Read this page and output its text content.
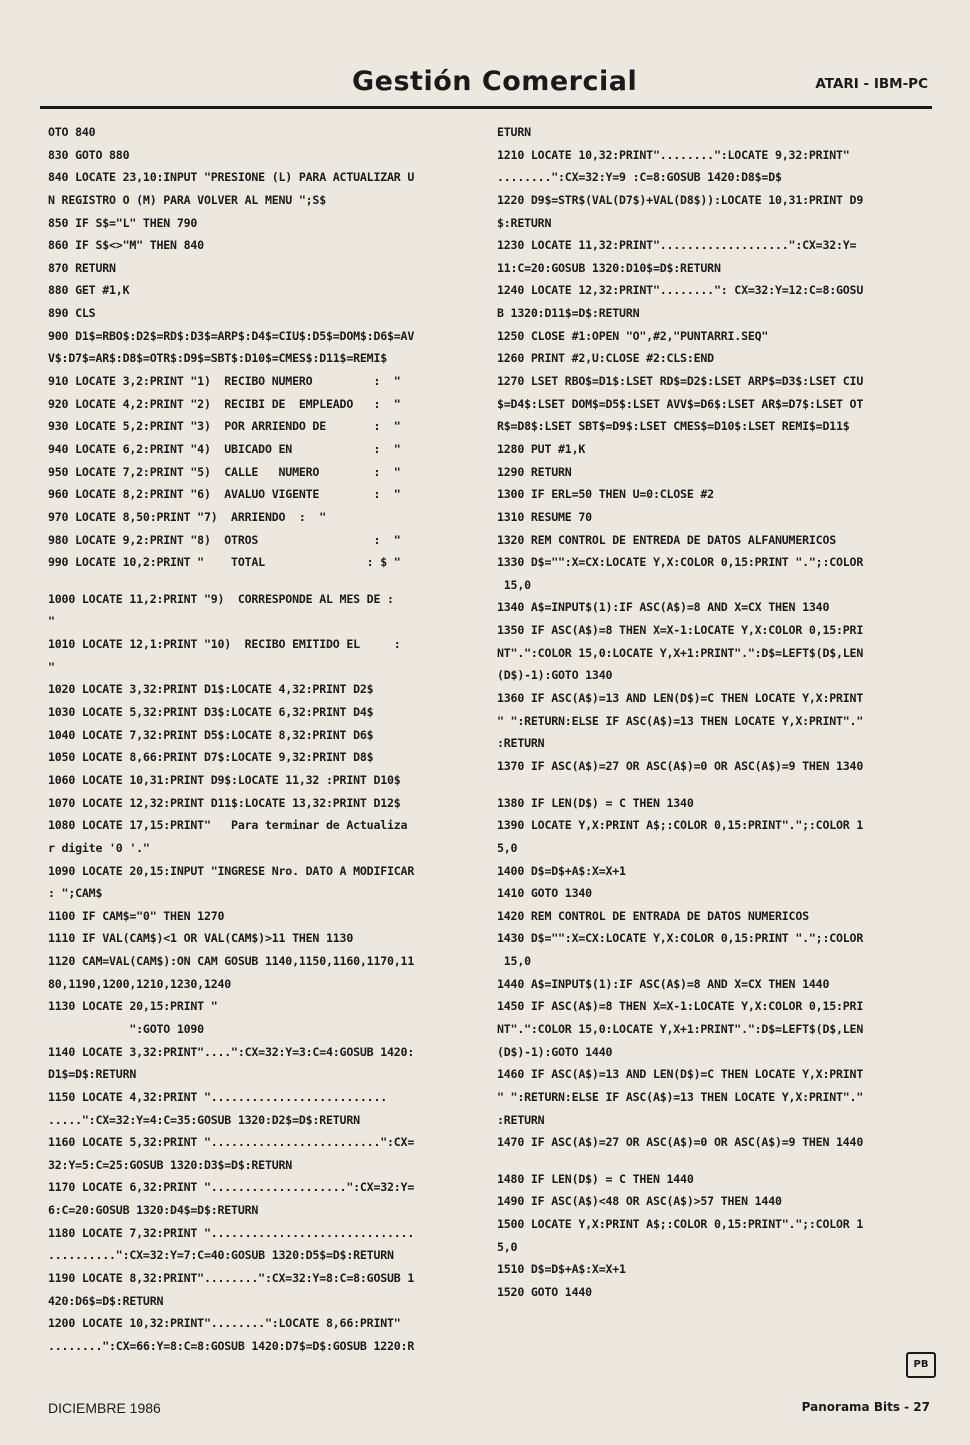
Gestión Comercial	ATARI - IBM-PC
OTO 840
830 GOTO 880
840 LOCATE 23,10:INPUT "PRESIONE (L) PARA ACTUALIZAR U
N REGISTRO O (M) PARA VOLVER AL MENU ";S$
850 IF S$="L" THEN 790
860 IF S$<>"M" THEN 840
870 RETURN
880 GET #1,K
890 CLS
900 D1$=RBO$:D2$=RD$:D3$=ARP$:D4$=CIU$:D5$=DOM$:D6$=AV
V$:D7$=AR$:D8$=OTR$:D9$=SBT$:D10$=CMES$:D11$=REMI$
910 LOCATE 3,2:PRINT "1)  RECIBO NUMERO         :  "
920 LOCATE 4,2:PRINT "2)  RECIBI DE  EMPLEADO   :  "
930 LOCATE 5,2:PRINT "3)  POR ARRIENDO DE       :  "
940 LOCATE 6,2:PRINT "4)  UBICADO EN            :  "
950 LOCATE 7,2:PRINT "5)  CALLE   NUMERO        :  "
960 LOCATE 8,2:PRINT "6)  AVALUO VIGENTE        :  "
970 LOCATE 8,50:PRINT "7)  ARRIENDO  :  "
980 LOCATE 9,2:PRINT "8)  OTROS                 :  "
990 LOCATE 10,2:PRINT "    TOTAL               : $ "
1000 LOCATE 11,2:PRINT "9)  CORRESPONDE AL MES DE :
"
1010 LOCATE 12,1:PRINT "10)  RECIBO EMITIDO EL     :
"
1020 LOCATE 3,32:PRINT D1$:LOCATE 4,32:PRINT D2$
1030 LOCATE 5,32:PRINT D3$:LOCATE 6,32:PRINT D4$
1040 LOCATE 7,32:PRINT D5$:LOCATE 8,32:PRINT D6$
1050 LOCATE 8,66:PRINT D7$:LOCATE 9,32:PRINT D8$
1060 LOCATE 10,31:PRINT D9$:LOCATE 11,32 :PRINT D10$
1070 LOCATE 12,32:PRINT D11$:LOCATE 13,32:PRINT D12$
1080 LOCATE 17,15:PRINT"   Para terminar de Actualiza
r digite '0 '."
1090 LOCATE 20,15:INPUT "INGRESE Nro. DATO A MODIFICAR
: ";CAM$
1100 IF CAM$="0" THEN 1270
1110 IF VAL(CAM$)<1 OR VAL(CAM$)>11 THEN 1130
1120 CAM=VAL(CAM$):ON CAM GOSUB 1140,1150,1160,1170,11
80,1190,1200,1210,1230,1240
1130 LOCATE 20,15:PRINT "
":GOTO 1090
1140 LOCATE 3,32:PRINT"....":CX=32:Y=3:C=4:GOSUB 1420:
D1$=D$:RETURN
1150 LOCATE 4,32:PRINT "..........................
.....":CX=32:Y=4:C=35:GOSUB 1320:D2$=D$:RETURN
1160 LOCATE 5,32:PRINT ".........................":CX=
32:Y=5:C=25:GOSUB 1320:D3$=D$:RETURN
1170 LOCATE 6,32:PRINT "....................":CX=32:Y=
6:C=20:GOSUB 1320:D4$=D$:RETURN
1180 LOCATE 7,32:PRINT "..............................
..........":CX=32:Y=7:C=40:GOSUB 1320:D5$=D$:RETURN
1190 LOCATE 8,32:PRINT"........":CX=32:Y=8:C=8:GOSUB 1
420:D6$=D$:RETURN
1200 LOCATE 10,32:PRINT"........":LOCATE 8,66:PRINT"
........":CX=66:Y=8:C=8:GOSUB 1420:D7$=D$:GOSUB 1220:R
ETURN
1210 LOCATE 10,32:PRINT"........":LOCATE 9,32:PRINT"
........":CX=32:Y=9 :C=8:GOSUB 1420:D8$=D$
1220 D9$=STR$(VAL(D7$)+VAL(D8$)):LOCATE 10,31:PRINT D9
$:RETURN
1230 LOCATE 11,32:PRINT"...................":CX=32:Y=
11:C=20:GOSUB 1320:D10$=D$:RETURN
1240 LOCATE 12,32:PRINT"........": CX=32:Y=12:C=8:GOSU
B 1320:D11$=D$:RETURN
1250 CLOSE #1:OPEN "O",#2,"PUNTARRI.SEQ"
1260 PRINT #2,U:CLOSE #2:CLS:END
1270 LSET RBO$=D1$:LSET RD$=D2$:LSET ARP$=D3$:LSET CIU
$=D4$:LSET DOM$=D5$:LSET AVV$=D6$:LSET AR$=D7$:LSET OT
R$=D8$:LSET SBT$=D9$:LSET CMES$=D10$:LSET REMI$=D11$
1280 PUT #1,K
1290 RETURN
1300 IF ERL=50 THEN U=0:CLOSE #2
1310 RESUME 70
1320 REM CONTROL DE ENTREDA DE DATOS ALFANUMERICOS
1330 D$="":X=CX:LOCATE Y,X:COLOR 0,15:PRINT ".";:COLOR
15,0
1340 A$=INPUT$(1):IF ASC(A$)=8 AND X=CX THEN 1340
1350 IF ASC(A$)=8 THEN X=X-1:LOCATE Y,X:COLOR 0,15:PRI
NT".":COLOR 15,0:LOCATE Y,X+1:PRINT".":D$=LEFT$(D$,LEN
(D$)-1):GOTO 1340
1360 IF ASC(A$)=13 AND LEN(D$)=C THEN LOCATE Y,X:PRINT
" ":RETURN:ELSE IF ASC(A$)=13 THEN LOCATE Y,X:PRINT"."
:RETURN
1370 IF ASC(A$)=27 OR ASC(A$)=0 OR ASC(A$)=9 THEN 1340
1380 IF LEN(D$) = C THEN 1340
1390 LOCATE Y,X:PRINT A$;:COLOR 0,15:PRINT".";:COLOR 1
5,0
1400 D$=D$+A$:X=X+1
1410 GOTO 1340
1420 REM CONTROL DE ENTRADA DE DATOS NUMERICOS
1430 D$="":X=CX:LOCATE Y,X:COLOR 0,15:PRINT ".";:COLOR
15,0
1440 A$=INPUT$(1):IF ASC(A$)=8 AND X=CX THEN 1440
1450 IF ASC(A$)=8 THEN X=X-1:LOCATE Y,X:COLOR 0,15:PRI
NT".":COLOR 15,0:LOCATE Y,X+1:PRINT".":D$=LEFT$(D$,LEN
(D$)-1):GOTO 1440
1460 IF ASC(A$)=13 AND LEN(D$)=C THEN LOCATE Y,X:PRINT
" ":RETURN:ELSE IF ASC(A$)=13 THEN LOCATE Y,X:PRINT"."
:RETURN
1470 IF ASC(A$)=27 OR ASC(A$)=0 OR ASC(A$)=9 THEN 1440
1480 IF LEN(D$) = C THEN 1440
1490 IF ASC(A$)<48 OR ASC(A$)>57 THEN 1440
1500 LOCATE Y,X:PRINT A$;:COLOR 0,15:PRINT".";:COLOR 1
5,0
1510 D$=D$+A$:X=X+1
1520 GOTO 1440
PB
DICIEMBRE 1986	Panorama Bits - 27
